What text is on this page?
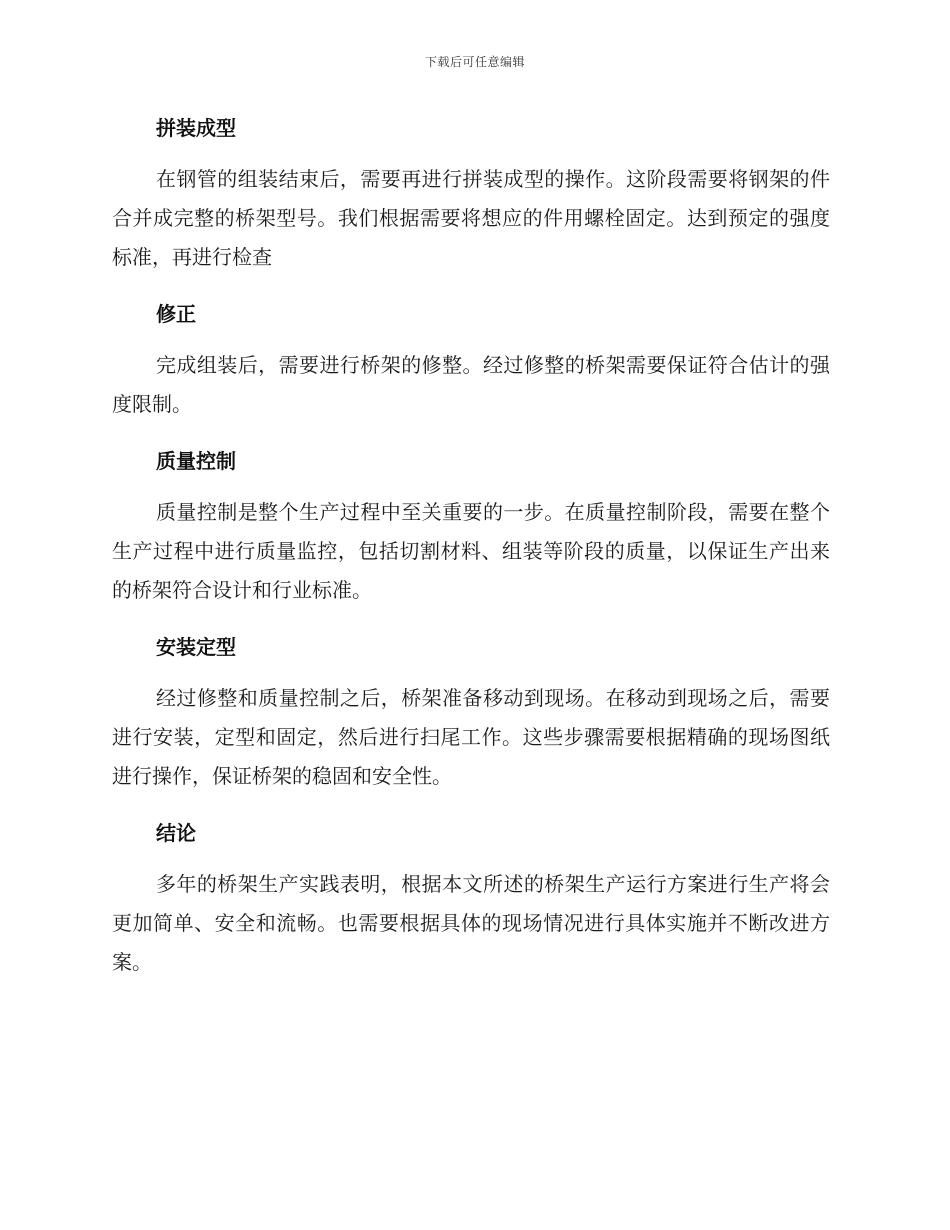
下载后可任意编辑
拼装成型

在钢管的组装结束后，需要再进行拼装成型的操作。这阶段需要将钢架的件合并成完整的桥架型号。我们根据需要将想应的件用螺栓固定。达到预定的强度标准，再进行检查

修正

完成组装后，需要进行桥架的修整。经过修整的桥架需要保证符合估计的强度限制。

质量控制

质量控制是整个生产过程中至关重要的一步。在质量控制阶段，需要在整个生产过程中进行质量监控，包括切割材料、组装等阶段的质量，以保证生产出来的桥架符合设计和行业标准。

安装定型

经过修整和质量控制之后，桥架准备移动到现场。在移动到现场之后，需要进行安装，定型和固定，然后进行扫尾工作。这些步骤需要根据精确的现场图纸进行操作，保证桥架的稳固和安全性。

结论

多年的桥架生产实践表明，根据本文所述的桥架生产运行方案进行生产将会更加简单、安全和流畅。也需要根据具体的现场情况进行具体实施并不断改进方案。
